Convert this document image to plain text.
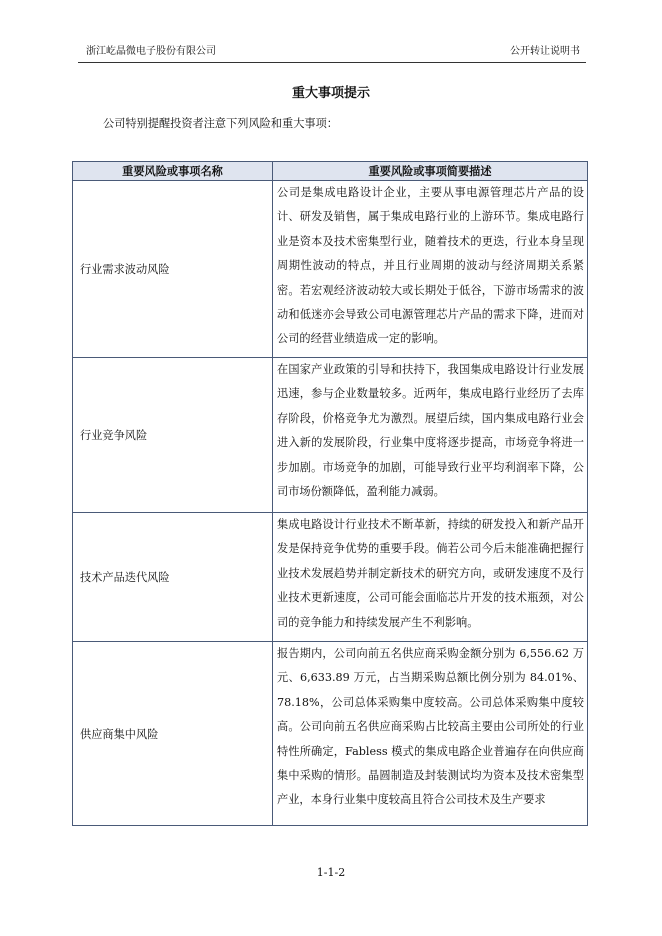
浙江屹晶微电子股份有限公司	公开转让说明书
重大事项提示
公司特别提醒投资者注意下列风险和重大事项：
重要风险或事项名称	重要风险或事项简要描述
行业需求波动风险	公司是集成电路设计企业，主要从事电源管理芯片产品的设计、研发及销售，属于集成电路行业的上游环节。集成电路行业是资本及技术密集型行业，随着技术的更迭，行业本身呈现周期性波动的特点，并且行业周期的波动与经济周期关系紧密。若宏观经济波动较大或长期处于低谷，下游市场需求的波动和低迷亦会导致公司电源管理芯片产品的需求下降，进而对公司的经营业绩造成一定的影响。
行业竞争风险	在国家产业政策的引导和扶持下，我国集成电路设计行业发展迅速，参与企业数量较多。近两年，集成电路行业经历了去库存阶段，价格竞争尤为激烈。展望后续，国内集成电路行业会进入新的发展阶段，行业集中度将逐步提高，市场竞争将进一步加剧。市场竞争的加剧，可能导致行业平均利润率下降，公司市场份额降低，盈利能力减弱。
技术产品迭代风险	集成电路设计行业技术不断革新，持续的研发投入和新产品开发是保持竞争优势的重要手段。倘若公司今后未能准确把握行业技术发展趋势并制定新技术的研究方向，或研发速度不及行业技术更新速度，公司可能会面临芯片开发的技术瓶颈，对公司的竞争能力和持续发展产生不利影响。
供应商集中风险	报告期内，公司向前五名供应商采购金额分别为 6,556.62 万元、6,633.89 万元，占当期采购总额比例分别为 84.01%、78.18%，公司总体采购集中度较高。公司总体采购集中度较高。公司向前五名供应商采购占比较高主要由公司所处的行业特性所确定，Fabless 模式的集成电路企业普遍存在向供应商集中采购的情形。晶圆制造及封装测试均为资本及技术密集型产业，本身行业集中度较高且符合公司技术及生产要求
1-1-2
